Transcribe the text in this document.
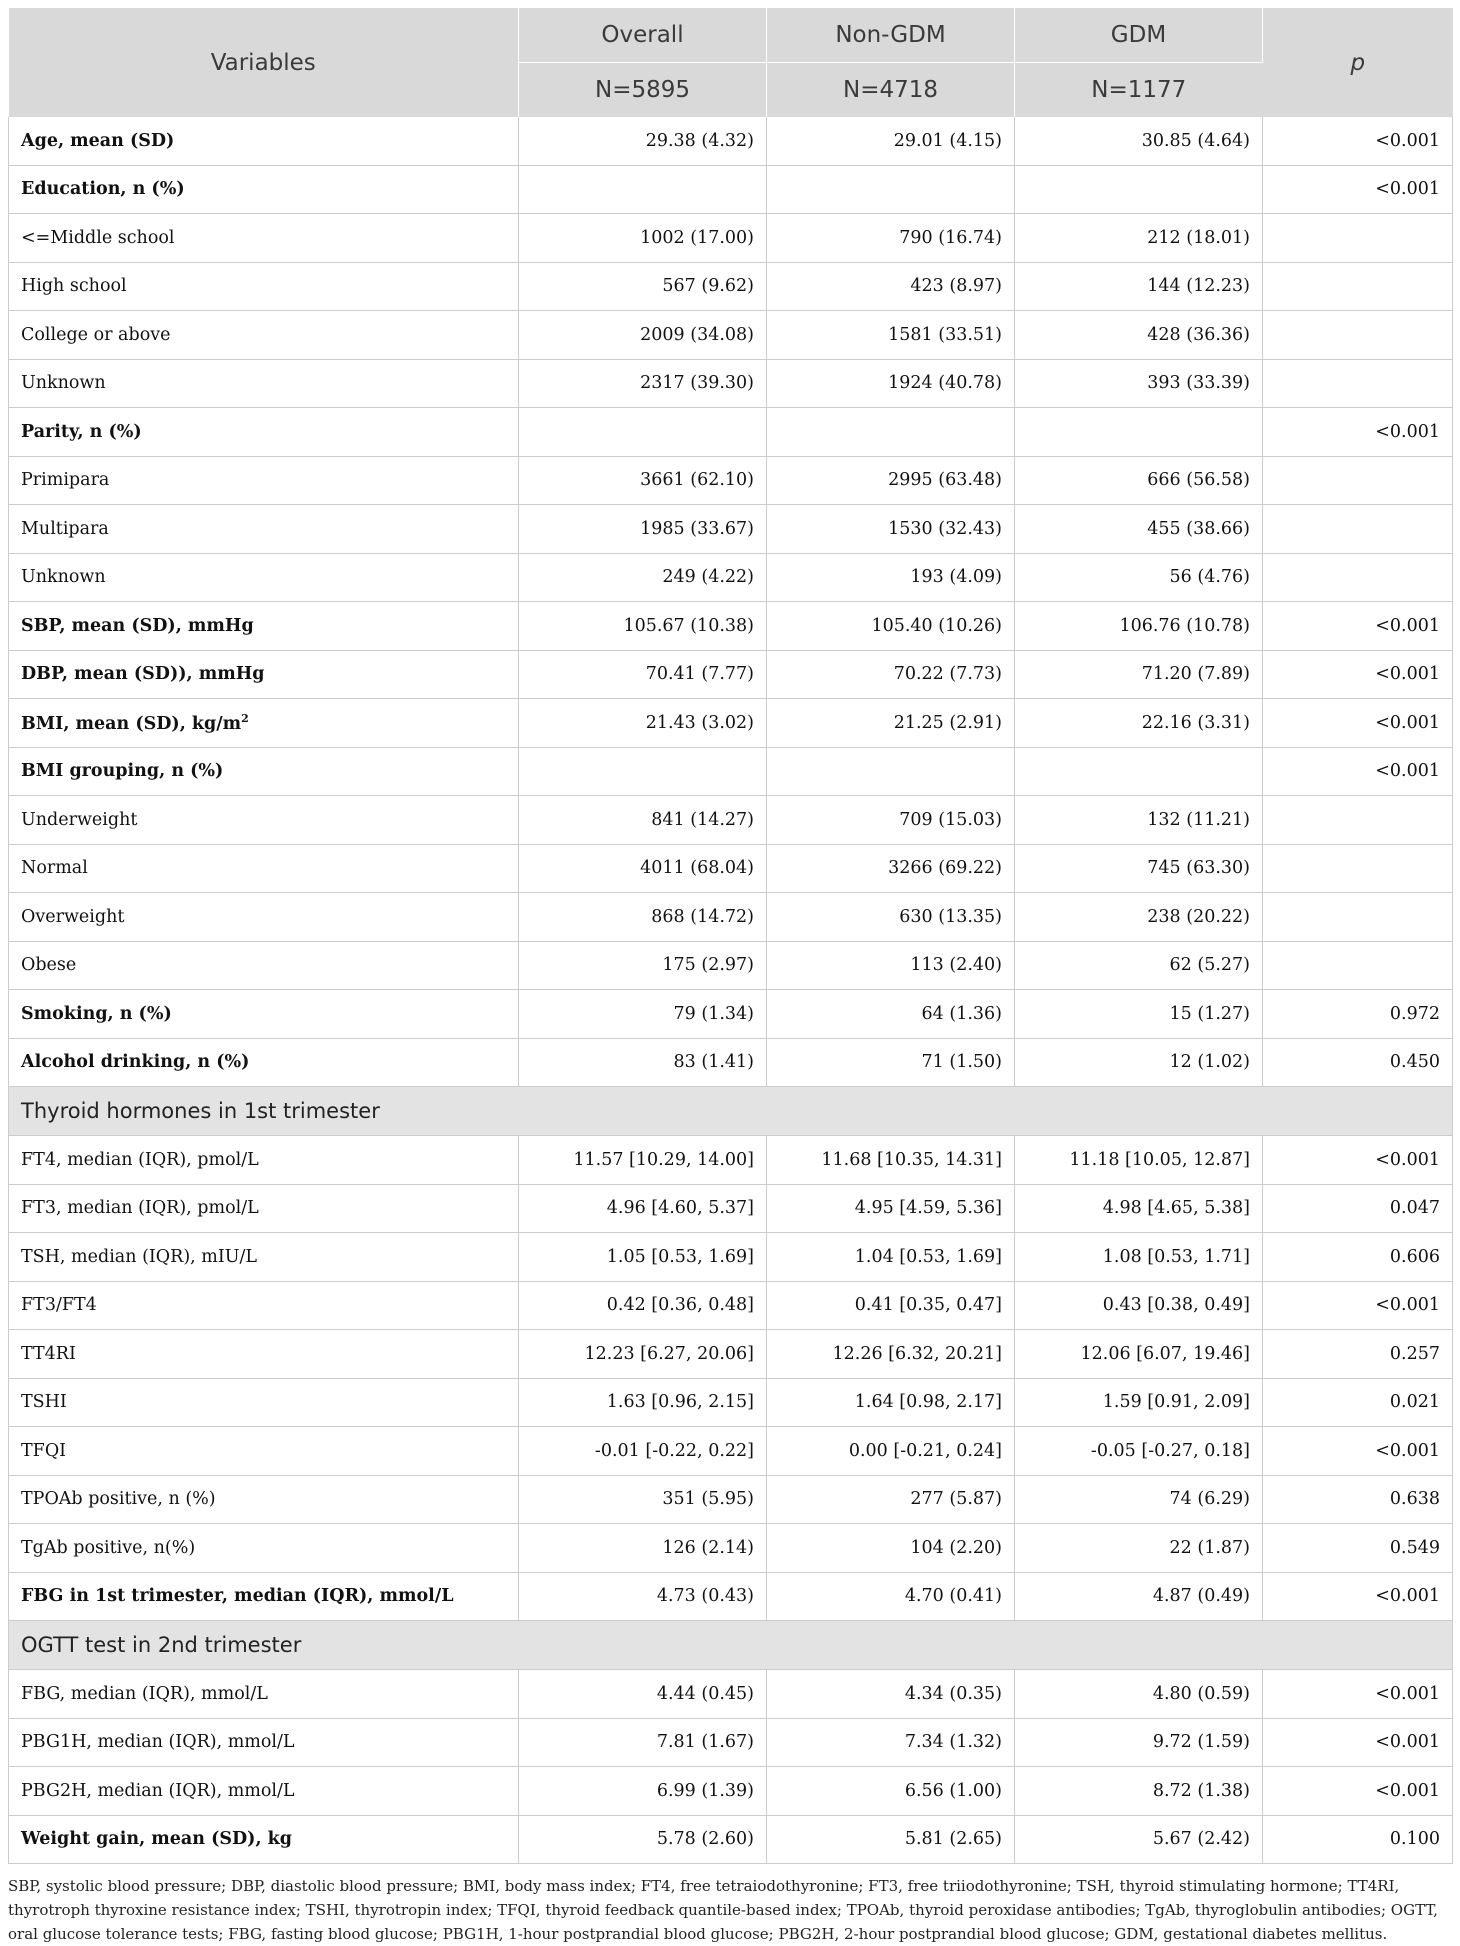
Variables	Overall	Non-GDM	GDM	p
	N=5895	N=4718	N=1177	
Age, mean (SD)	29.38 (4.32)	29.01 (4.15)	30.85 (4.64)	<0.001
Education, n (%)				<0.001
<=Middle school	1002 (17.00)	790 (16.74)	212 (18.01)	
High school	567 (9.62)	423 (8.97)	144 (12.23)	
College or above	2009 (34.08)	1581 (33.51)	428 (36.36)	
Unknown	2317 (39.30)	1924 (40.78)	393 (33.39)	
Parity, n (%)				<0.001
Primipara	3661 (62.10)	2995 (63.48)	666 (56.58)	
Multipara	1985 (33.67)	1530 (32.43)	455 (38.66)	
Unknown	249 (4.22)	193 (4.09)	56 (4.76)	
SBP, mean (SD), mmHg	105.67 (10.38)	105.40 (10.26)	106.76 (10.78)	<0.001
DBP, mean (SD)), mmHg	70.41 (7.77)	70.22 (7.73)	71.20 (7.89)	<0.001
BMI, mean (SD), $kg/m^2$	21.43 (3.02)	21.25 (2.91)	22.16 (3.31)	<0.001
BMI grouping, n (%)				<0.001
Underweight	841 (14.27)	709 (15.03)	132 (11.21)	
Normal	4011 (68.04)	3266 (69.22)	745 (63.30)	
Overweight	868 (14.72)	630 (13.35)	238 (20.22)	
Obese	175 (2.97)	113 (2.40)	62 (5.27)	
Smoking, n (%)	79 (1.34)	64 (1.36)	15 (1.27)	0.972
Alcohol drinking, n (%)	83 (1.41)	71 (1.50)	12 (1.02)	0.450
Thyroid hormones in 1st trimester				
FT4, median (IQR), pmol/L	11.57 [10.29, 14.00]	11.68 [10.35, 14.31]	11.18 [10.05, 12.87]	<0.001
FT3, median (IQR), pmol/L	4.96 [4.60, 5.37]	4.95 [4.59, 5.36]	4.98 [4.65, 5.38]	0.047
TSH, median (IQR), mIU/L	1.05 [0.53, 1.69]	1.04 [0.53, 1.69]	1.08 [0.53, 1.71]	0.606
FT3/FT4	0.42 [0.36, 0.48]	0.41 [0.35, 0.47]	0.43 [0.38, 0.49]	<0.001
TT4RI	12.23 [6.27, 20.06]	12.26 [6.32, 20.21]	12.06 [6.07, 19.46]	0.257
TSHI	1.63 [0.96, 2.15]	1.64 [0.98, 2.17]	1.59 [0.91, 2.09]	0.021
TFQI	-0.01 [-0.22, 0.22]	0.00 [-0.21, 0.24]	-0.05 [-0.27, 0.18]	<0.001
TPOAb positive, n (%)	351 (5.95)	277 (5.87)	74 (6.29)	0.638
TgAb positive, n(%)	126 (2.14)	104 (2.20)	22 (1.87)	0.549
FBG in 1st trimester, median (IQR), mmol/L	4.73 (0.43)	4.70 (0.41)	4.87 (0.49)	<0.001
OGTT test in 2nd trimester				
FBG, median (IQR), mmol/L	4.44 (0.45)	4.34 (0.35)	4.80 (0.59)	<0.001
PBG1H, median (IQR), mmol/L	7.81 (1.67)	7.34 (1.32)	9.72 (1.59)	<0.001
PBG2H, median (IQR), mmol/L	6.99 (1.39)	6.56 (1.00)	8.72 (1.38)	<0.001
Weight gain, mean (SD), kg	5.78 (2.60)	5.81 (2.65)	5.67 (2.42)	0.100
SBP, systolic blood pressure; DBP, diastolic blood pressure; BMI, body mass index; FT4, free tetraiodothyronine; FT3, free triiodothyronine; TSH, thyroid stimulating hormone; TT4RI, thyrotroph thyroxine resistance index; TSHI, thyrotropin index; TFQI, thyroid feedback quantile-based index; TPOAb, thyroid peroxidase antibodies; TgAb, thyroglobulin antibodies; OGTT, oral glucose tolerance tests; FBG, fasting blood glucose; PBG1H, 1-hour postprandial blood glucose; PBG2H, 2-hour postprandial blood glucose; GDM, gestational diabetes mellitus.
